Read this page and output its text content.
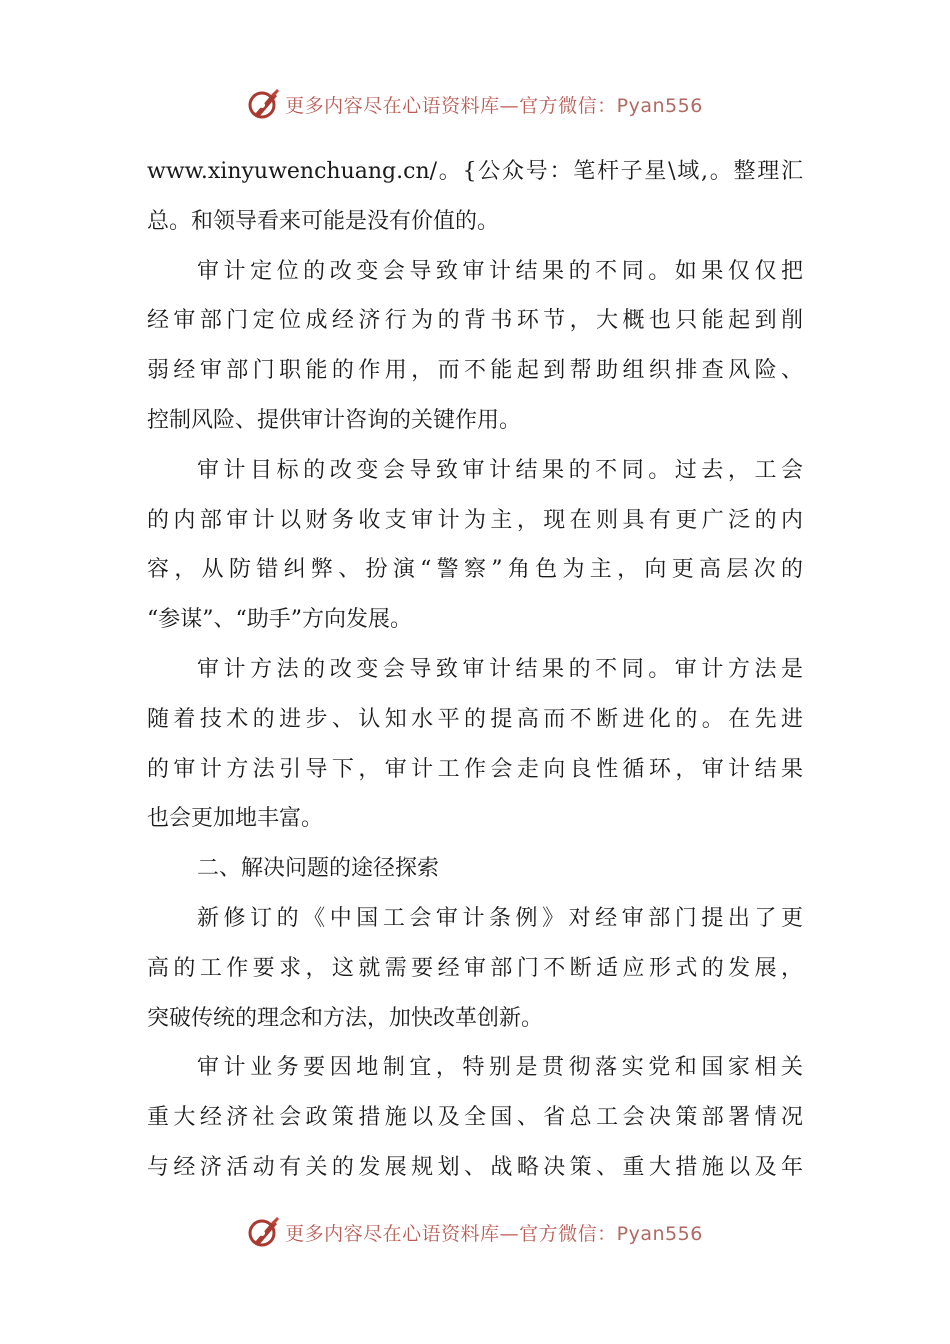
更多内容尽在心语资料库—官方微信：Pyan556
www.xinyuwenchuang.cn/。{公众号：笔杆子星\域,。整理汇
总。和领导看来可能是没有价值的。
审计定位的改变会导致审计结果的不同。如果仅仅把
经审部门定位成经济行为的背书环节，大概也只能起到削
弱经审部门职能的作用，而不能起到帮助组织排查风险、
控制风险、提供审计咨询的关键作用。
审计目标的改变会导致审计结果的不同。过去，工会
的内部审计以财务收支审计为主，现在则具有更广泛的内
容，从防错纠弊、扮演“警察”角色为主，向更高层次的
“参谋”、“助手”方向发展。
审计方法的改变会导致审计结果的不同。审计方法是
随着技术的进步、认知水平的提高而不断进化的。在先进
的审计方法引导下，审计工作会走向良性循环，审计结果
也会更加地丰富。
二、解决问题的途径探索
新修订的《中国工会审计条例》对经审部门提出了更
高的工作要求，这就需要经审部门不断适应形式的发展，
突破传统的理念和方法，加快改革创新。
审计业务要因地制宜，特别是贯彻落实党和国家相关
重大经济社会政策措施以及全国、省总工会决策部署情况
与经济活动有关的发展规划、战略决策、重大措施以及年
更多内容尽在心语资料库—官方微信：Pyan556
